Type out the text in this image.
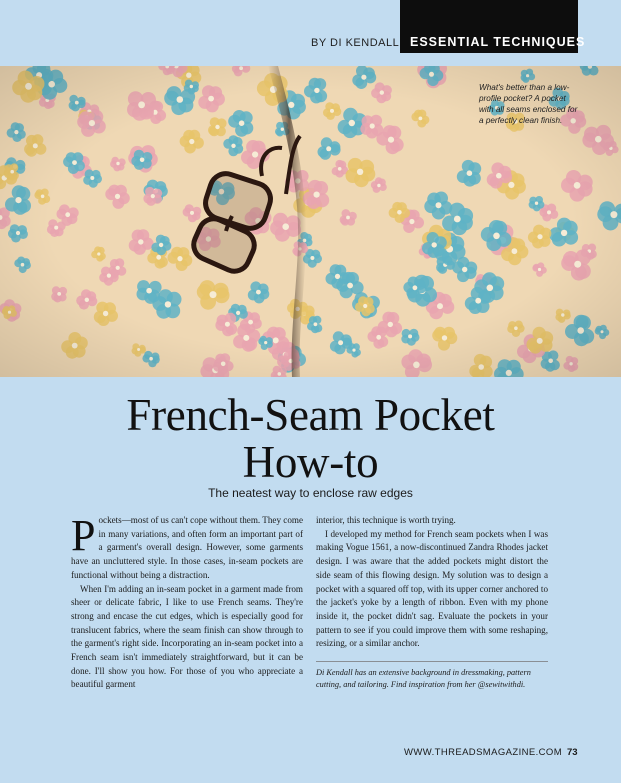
BY DI KENDALL ESSENTIAL TECHNIQUES
What's better than a low-profile pocket? A pocket with all seams enclosed for a perfectly clean finish.
French-Seam Pocket
How-to
The neatest way to enclose raw edges

Pockets—most of us can't cope without them. They come in many variations, and often form an important part of a garment's overall design. However, some garments have an uncluttered style. In those cases, in-seam pockets are functional without being a distraction.

When I'm adding an in-seam pocket in a garment made from sheer or delicate fabric, I like to use French seams. They're strong and encase the cut edges, which is especially good for translucent fabrics, where the seam finish can show through to the garment's right side. Incorporating an in-seam pocket into a French seam isn't immediately straightforward, but it can be done. I'll show you how. For those of you who appreciate a beautiful garment

interior, this technique is worth trying.

I developed my method for French seam pockets when I was making Vogue 1561, a now-discontinued Zandra Rhodes jacket design. I was aware that the added pockets might distort the side seam of this flowing design. My solution was to design a pocket with a squared off top, with its upper corner anchored to the jacket's yoke by a length of ribbon. Even with my phone inside it, the pocket didn't sag. Evaluate the pockets in your pattern to see if you could improve them with some reshaping, resizing, or a similar anchor.

Di Kendall has an extensive background in dressmaking, pattern cutting, and tailoring. Find inspiration from her @sewitwithdi.
WWW.THREADSMAGAZINE.COM 73
